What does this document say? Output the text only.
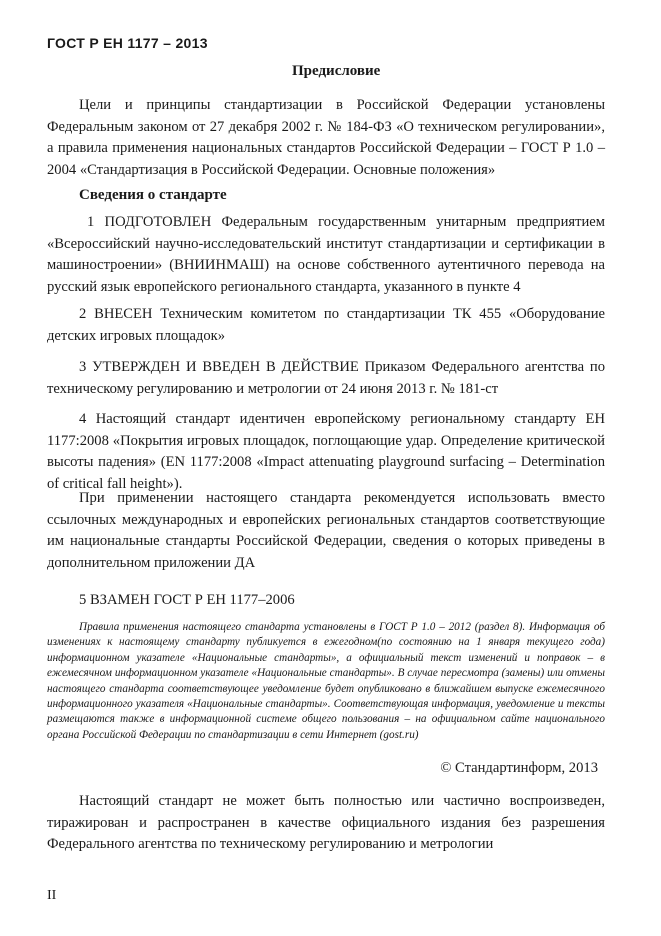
ГОСТ Р ЕН 1177 – 2013
Предисловие

Цели и принципы стандартизации в Российской Федерации установлены Федеральным законом от 27 декабря 2002 г. № 184-ФЗ «О техническом регулировании», а правила применения национальных стандартов Российской Федерации – ГОСТ Р 1.0 – 2004 «Стандартизация в Российской Федерации. Основные положения»

Сведения о стандарте

1 ПОДГОТОВЛЕН Федеральным государственным унитарным предприятием «Всероссийский научно-исследовательский институт стандартизации и сертификации в машиностроении» (ВНИИНМАШ) на основе собственного аутентичного перевода на русский язык европейского регионального стандарта, указанного в пункте 4

2 ВНЕСЕН Техническим комитетом по стандартизации ТК 455 «Оборудование детских игровых площадок»

3 УТВЕРЖДЕН И ВВЕДЕН В ДЕЙСТВИЕ Приказом Федерального агентства по техническому регулированию и метрологии от 24 июня 2013 г. № 181-ст

4 Настоящий стандарт идентичен европейскому региональному стандарту ЕН 1177:2008 «Покрытия игровых площадок, поглощающие удар. Определение критической высоты падения» (EN 1177:2008 «Impact attenuating playground surfacing – Determination of critical fall height»).

При применении настоящего стандарта рекомендуется использовать вместо ссылочных международных и европейских региональных стандартов соответствующие им национальные стандарты Российской Федерации, сведения о которых приведены в дополнительном приложении ДА

5 ВЗАМЕН ГОСТ Р ЕН 1177–2006

Правила применения настоящего стандарта установлены в ГОСТ Р 1.0 – 2012 (раздел 8). Информация об изменениях к настоящему стандарту публикуется в ежегодном(по состоянию на 1 января текущего года) информационном указателе «Национальные стандарты», а официальный текст изменений и поправок – в ежемесячном информационном указателе «Национальные стандарты». В случае пересмотра (замены) или отмены настоящего стандарта соответствующее уведомление будет опубликовано в ближайшем выпуске ежемесячного информационного указателя «Национальные стандарты». Соответствующая информация, уведомление и тексты размещаются также в информационной системе общего пользования – на официальном сайте национального органа Российской Федерации по стандартизации в сети Интернет (gost.ru)

© Стандартинформ, 2013

Настоящий стандарт не может быть полностью или частично воспроизведен, тиражирован и распространен в качестве официального издания без разрешения Федерального агентства по техническому регулированию и метрологии

II
